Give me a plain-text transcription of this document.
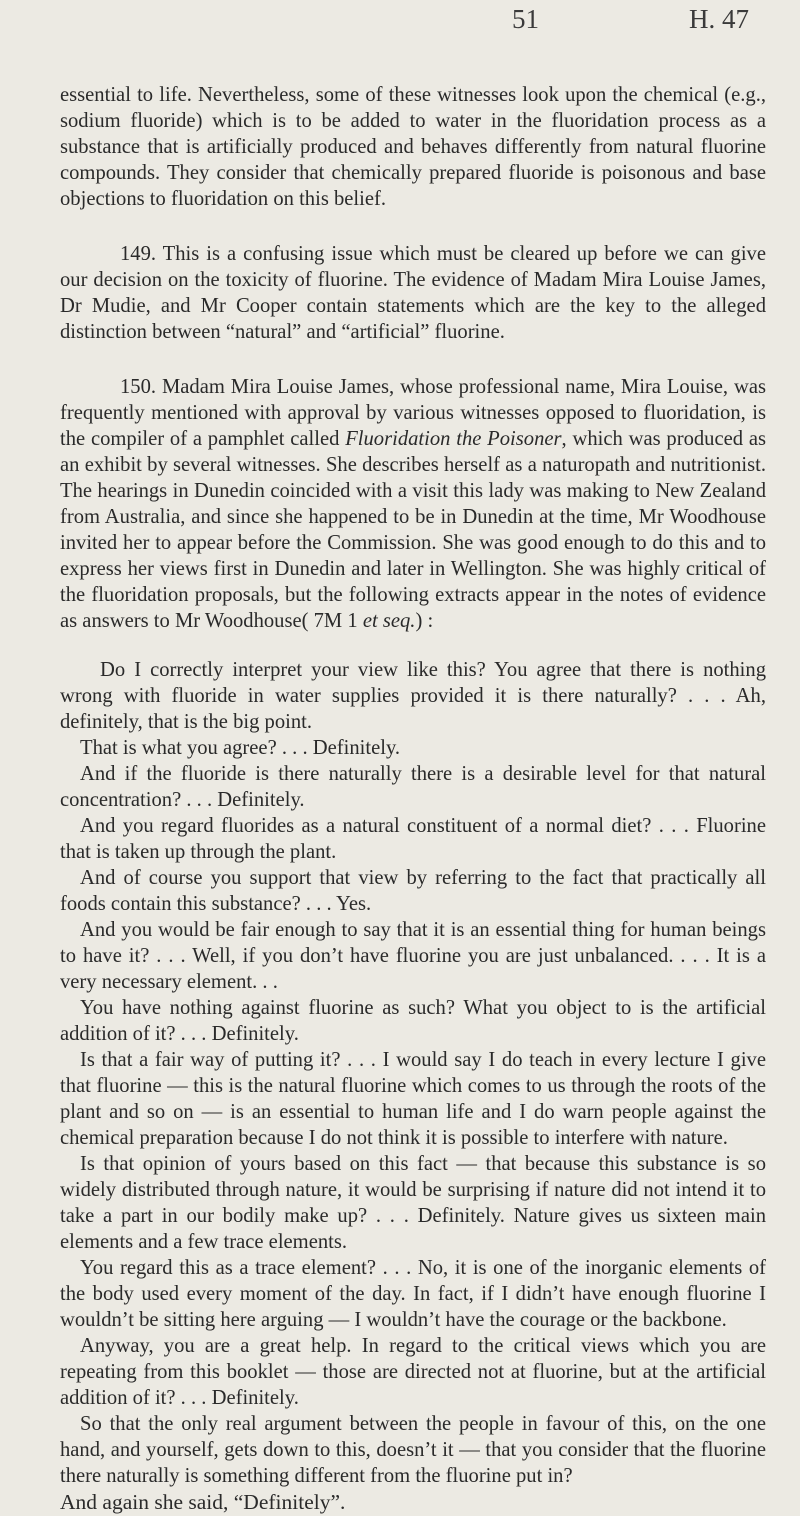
51	H. 47

essential to life. Nevertheless, some of these witnesses look upon the chemical (e.g., sodium fluoride) which is to be added to water in the fluoridation process as a substance that is artificially produced and behaves differently from natural fluorine compounds. They consider that chemically prepared fluoride is poisonous and base objections to fluoridation on this belief.

149. This is a confusing issue which must be cleared up before we can give our decision on the toxicity of fluorine. The evidence of Madam Mira Louise James, Dr Mudie, and Mr Cooper contain statements which are the key to the alleged distinction between “natural” and “artificial” fluorine.

150. Madam Mira Louise James, whose professional name, Mira Louise, was frequently mentioned with approval by various witnesses opposed to fluoridation, is the compiler of a pamphlet called Fluoridation the Poisoner, which was produced as an exhibit by several witnesses. She describes herself as a naturopath and nutritionist. The hearings in Dunedin coincided with a visit this lady was making to New Zealand from Australia, and since she happened to be in Dunedin at the time, Mr Woodhouse invited her to appear before the Commission. She was good enough to do this and to express her views first in Dunedin and later in Wellington. She was highly critical of the fluoridation proposals, but the following extracts appear in the notes of evidence as answers to Mr Woodhouse( 7M 1 et seq.) :

Do I correctly interpret your view like this? You agree that there is nothing wrong with fluoride in water supplies provided it is there naturally? . . . Ah, definitely, that is the big point.

That is what you agree? . . . Definitely.

And if the fluoride is there naturally there is a desirable level for that natural concentration? . . . Definitely.

And you regard fluorides as a natural constituent of a normal diet? . . . Fluorine that is taken up through the plant.

And of course you support that view by referring to the fact that practically all foods contain this substance? . . . Yes.

And you would be fair enough to say that it is an essential thing for human beings to have it? . . . Well, if you don’t have fluorine you are just unbalanced. . . . It is a very necessary element. . .

You have nothing against fluorine as such? What you object to is the artificial addition of it? . . . Definitely.

Is that a fair way of putting it? . . . I would say I do teach in every lecture I give that fluorine — this is the natural fluorine which comes to us through the roots of the plant and so on — is an essential to human life and I do warn people against the chemical preparation because I do not think it is possible to interfere with nature.

Is that opinion of yours based on this fact — that because this substance is so widely distributed through nature, it would be surprising if nature did not intend it to take a part in our bodily make up? . . . Definitely. Nature gives us sixteen main elements and a few trace elements.

You regard this as a trace element? . . . No, it is one of the inorganic elements of the body used every moment of the day. In fact, if I didn’t have enough fluorine I wouldn’t be sitting here arguing — I wouldn’t have the courage or the backbone.

Anyway, you are a great help. In regard to the critical views which you are repeating from this booklet — those are directed not at fluorine, but at the artificial addition of it? . . . Definitely.

So that the only real argument between the people in favour of this, on the one hand, and yourself, gets down to this, doesn’t it — that you consider that the fluorine there naturally is something different from the fluorine put in?

And again she said, “Definitely”.
